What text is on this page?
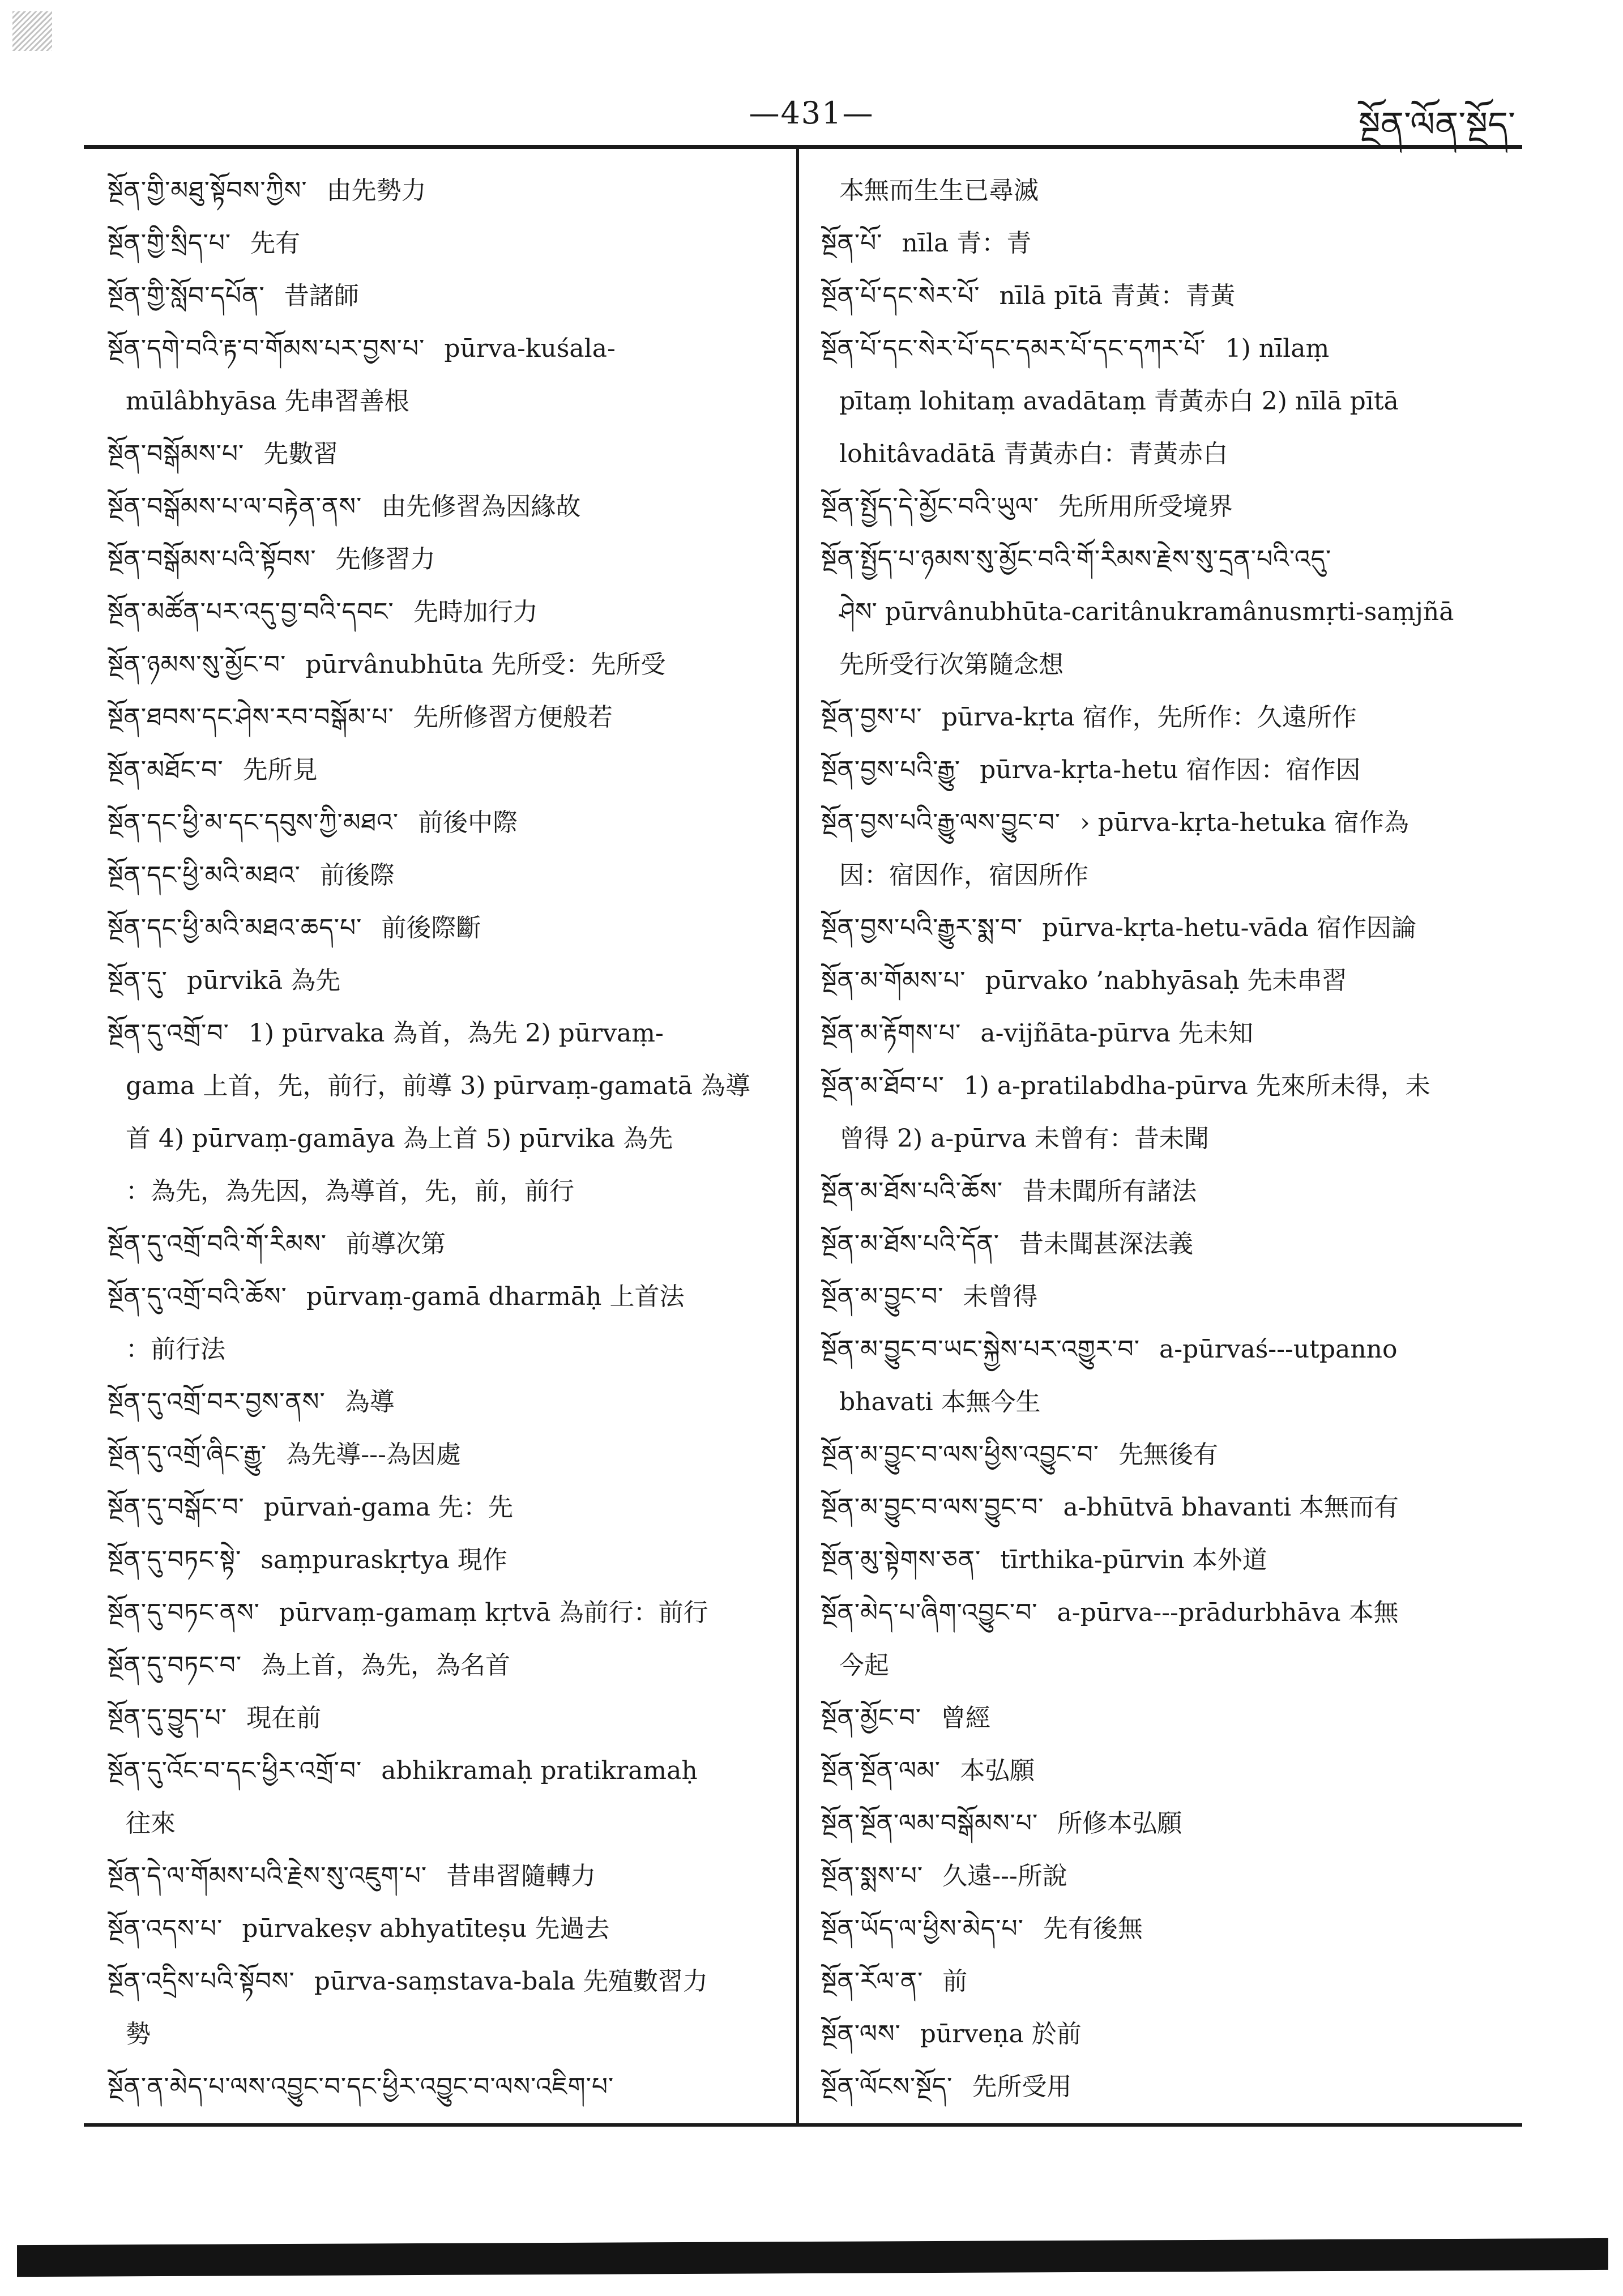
—431—	སྔོན་ལོན་སྔོད་

སྔོན་གྱི་མཐུ་སྟོབས་ཀྱིས་ 由先勢力

སྔོན་གྱི་སྲིད་པ་ 先有

སྔོན་གྱི་སློབ་དཔོན་ 昔諸師

སྔོན་དགེ་བའི་རྟ་བ་གོམས་པར་བྱས་པ་ pūrva-kuśala-

mūlâbhyāsa 先串習善根

སྔོན་བསྒོམས་པ་ 先數習

སྔོན་བསྒོམས་པ་ལ་བརྟེན་ནས་ 由先修習為因緣故

སྔོན་བསྒོམས་པའི་སྟོབས་ 先修習力

སྔོན་མཚོན་པར་འདུ་བྱ་བའི་དབང་ 先時加行力

སྔོན་ཉམས་སུ་མྱོང་བ་ pūrvânubhūta 先所受：先所受

སྔོན་ཐབས་དང་ཤེས་རབ་བསྒོམ་པ་ 先所修習方便般若

སྔོན་མཐོང་བ་ 先所見

སྔོན་དང་ཕྱི་མ་དང་དབུས་ཀྱི་མཐའ་ 前後中際

སྔོན་དང་ཕྱི་མའི་མཐའ་ 前後際

སྔོན་དང་ཕྱི་མའི་མཐའ་ཆད་པ་ 前後際斷

སྔོན་དུ་ pūrvikā 為先

སྔོན་དུ་འགྲོ་བ་ 1) pūrvaka 為首，為先 2) pūrvaṃ-

gama 上首，先，前行，前導 3) pūrvaṃ-gamatā 為導

首 4) pūrvaṃ-gamāya 為上首 5) pūrvika 為先

：為先，為先因，為導首，先，前，前行

སྔོན་དུ་འགྲོ་བའི་གོ་རིམས་ 前導次第

སྔོན་དུ་འགྲོ་བའི་ཆོས་ pūrvaṃ-gamā dharmāḥ 上首法

：前行法

སྔོན་དུ་འགྲོ་བར་བྱས་ནས་ 為導

སྔོན་དུ་འགྲོ་ཞིང་རྒྱུ་ 為先導---為因處

སྔོན་དུ་བསྒོང་བ་ pūrvaṅ-gama 先：先

སྔོན་དུ་བཏང་སྟེ་ saṃpuraskṛtya 現作

སྔོན་དུ་བཏང་ནས་ pūrvaṃ-gamaṃ kṛtvā 為前行：前行

སྔོན་དུ་བཏང་བ་ 為上首，為先，為名首

སྔོན་དུ་བྱུད་པ་ 現在前

སྔོན་དུ་འོང་བ་དང་ཕྱིར་འགྲོ་བ་ abhikramaḥ pratikramaḥ

往來

སྔོན་དེ་ལ་གོམས་པའི་རྗེས་སུ་འཇུག་པ་ 昔串習隨轉力

སྔོན་འདས་པ་ pūrvakeṣv abhyatīteṣu 先過去

སྔོན་འདྲིས་པའི་སྟོབས་ pūrva-saṃstava-bala 先殖數習力

勢

སྔོན་ན་མེད་པ་ལས་འབྱུང་བ་དང་ཕྱིར་འབྱུང་བ་ལས་འཇིག་པ་

本無而生生已尋滅

སྔོན་པོ་ nīla 青：青

སྔོན་པོ་དང་སེར་པོ་ nīlā pītā 青黃：青黃

སྔོན་པོ་དང་སེར་པོ་དང་དམར་པོ་དང་དཀར་པོ་ 1) nīlaṃ

pītaṃ lohitaṃ avadātaṃ 青黃赤白 2) nīlā pītā

lohitâvadātā 青黃赤白：青黃赤白

སྔོན་སྤྱོད་དེ་མྱོང་བའི་ཡུལ་ 先所用所受境界

སྔོན་སྤྱོད་པ་ཉམས་སུ་མྱོང་བའི་གོ་རིམས་རྗེས་སུ་དྲན་པའི་འདུ་

ཤེས་ pūrvânubhūta-caritânukramânusmṛti-saṃjñā

先所受行次第隨念想

སྔོན་བྱས་པ་ pūrva-kṛta 宿作，先所作：久遠所作

སྔོན་བྱས་པའི་རྒྱུ་ pūrva-kṛta-hetu 宿作因：宿作因

སྔོན་བྱས་པའི་རྒྱུ་ལས་བྱུང་བ་ › pūrva-kṛta-hetuka 宿作為

因：宿因作，宿因所作

སྔོན་བྱས་པའི་རྒྱུར་སྨ་བ་ pūrva-kṛta-hetu-vāda 宿作因論

སྔོན་མ་གོམས་པ་ pūrvako ’nabhyāsaḥ 先未串習

སྔོན་མ་རྟོགས་པ་ a-vijñāta-pūrva 先未知

སྔོན་མ་ཐོབ་པ་ 1) a-pratilabdha-pūrva 先來所未得，未

曾得 2) a-pūrva 未曾有：昔未聞

སྔོན་མ་ཐོས་པའི་ཆོས་ 昔未聞所有諸法

སྔོན་མ་ཐོས་པའི་དོན་ 昔未聞甚深法義

སྔོན་མ་བྱུང་བ་ 未曾得

སྔོན་མ་བྱུང་བ་ཡང་སྐྱེས་པར་འགྱུར་བ་ a-pūrvaś---utpanno

bhavati 本無今生

སྔོན་མ་བྱུང་བ་ལས་ཕྱིས་འབྱུང་བ་ 先無後有

སྔོན་མ་བྱུང་བ་ལས་བྱུང་བ་ a-bhūtvā bhavanti 本無而有

སྔོན་མུ་སྟེགས་ཅན་ tīrthika-pūrvin 本外道

སྔོན་མེད་པ་ཞིག་འབྱུང་བ་ a-pūrva---prādurbhāva 本無

今起

སྔོན་མྱོང་བ་ 曾經

སྔོན་སྔོན་ལམ་ 本弘願

སྔོན་སྔོན་ལམ་བསྒོམས་པ་ 所修本弘願

སྔོན་སྨས་པ་ 久遠---所說

སྔོན་ཡོད་ལ་ཕྱིས་མེད་པ་ 先有後無

སྔོན་རོལ་ན་ 前

སྔོན་ལས་ pūrveṇa 於前

སྔོན་ལོངས་སྔོད་ 先所受用
